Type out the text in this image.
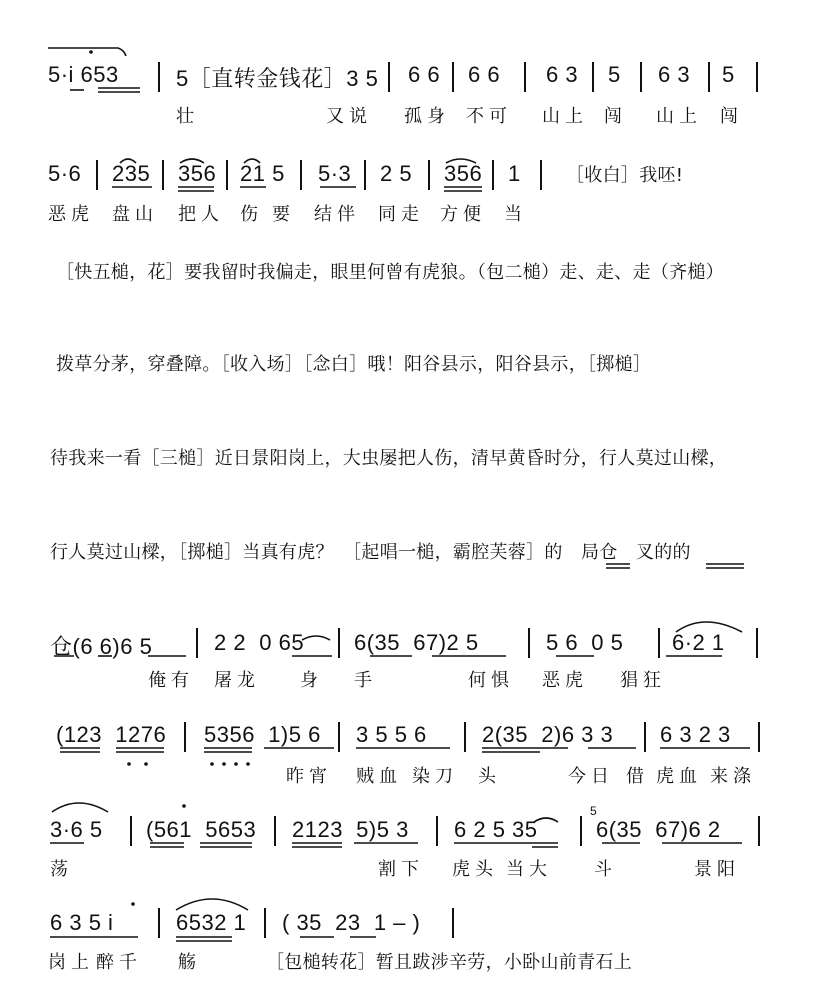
5·i 653	5［直转金钱花］3 5 6 6 6 6 6 3 5 6 3 5
壮	又说 孤身 不可 山上 闯 山上 闯
5·6 235 356 21 5 5·3 2 5 356 1	［收白］我呸!
恶虎 盘山 把人 伤 要 结伴 同走 方便 当
［快五槌，花］要我留时我偏走，眼里何曾有虎狼。（包二槌）走、走、走（齐槌）
拨草分茅，穿叠障。［收入场］［念白］哦！阳谷县示，阳谷县示，［掷槌］
待我来一看［三槌］近日景阳岗上，大虫屡把人伤，清早黄昏时分，行人莫过山樑，
行人莫过山樑，［掷槌］当真有虎？　［起唱一槌，霸腔芙蓉］的　局仓　叉的的
仓(6 6)6 5	2 2  0 65 6(35  67)2 5	5 6  0 5 6·2 1
俺有 屠龙 身 手	何惧 恶虎 猖狂
(123  1276 5356  1)5 6 3 5 5 6	2(35  2)6 3 3 6 3 2 3
昨宵 贼血 染刀 头	今日 借 虎血 来涤
3·6 5 (561  5653 2123  5)5 3 6 2 5 35	6(35  67)6 2
5
荡	割下 虎头 当大 斗	景阳
6 3 5 i	6532 1 ( 35  23  1 – )
岗上 醉千 觞	［包槌转花］暂且跋涉辛劳，小卧山前青石上
